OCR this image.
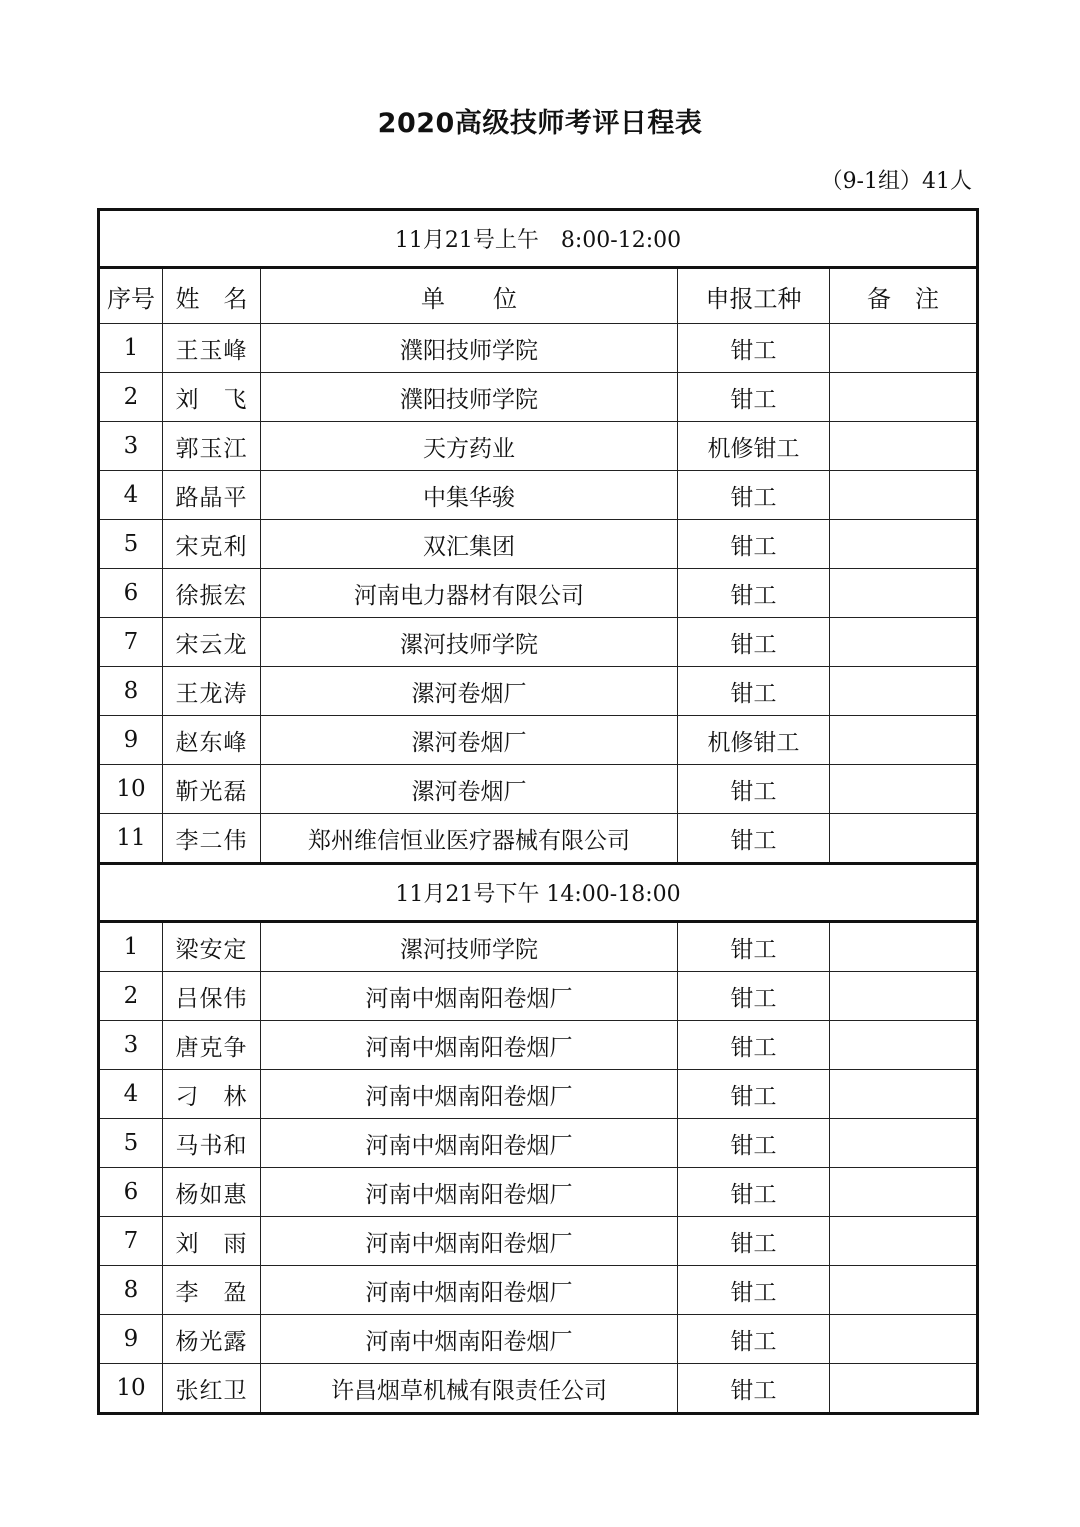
2020高级技师考评日程表
（9-1组）41人
11月21号上午　8:00-12:00				
序号	姓　名	单　　位	申报工种	备　注
1	王玉峰	濮阳技师学院	钳工	
2	刘　飞	濮阳技师学院	钳工	
3	郭玉江	天方药业	机修钳工	
4	路晶平	中集华骏	钳工	
5	宋克利	双汇集团	钳工	
6	徐振宏	河南电力器材有限公司	钳工	
7	宋云龙	漯河技师学院	钳工	
8	王龙涛	漯河卷烟厂	钳工	
9	赵东峰	漯河卷烟厂	机修钳工	
10	靳光磊	漯河卷烟厂	钳工	
11	李二伟	郑州维信恒业医疗器械有限公司	钳工	
11月21号下午 14:00-18:00				
1	梁安定	漯河技师学院	钳工	
2	吕保伟	河南中烟南阳卷烟厂	钳工	
3	唐克争	河南中烟南阳卷烟厂	钳工	
4	刁　林	河南中烟南阳卷烟厂	钳工	
5	马书和	河南中烟南阳卷烟厂	钳工	
6	杨如惠	河南中烟南阳卷烟厂	钳工	
7	刘　雨	河南中烟南阳卷烟厂	钳工	
8	李　盈	河南中烟南阳卷烟厂	钳工	
9	杨光露	河南中烟南阳卷烟厂	钳工	
10	张红卫	许昌烟草机械有限责任公司	钳工	
